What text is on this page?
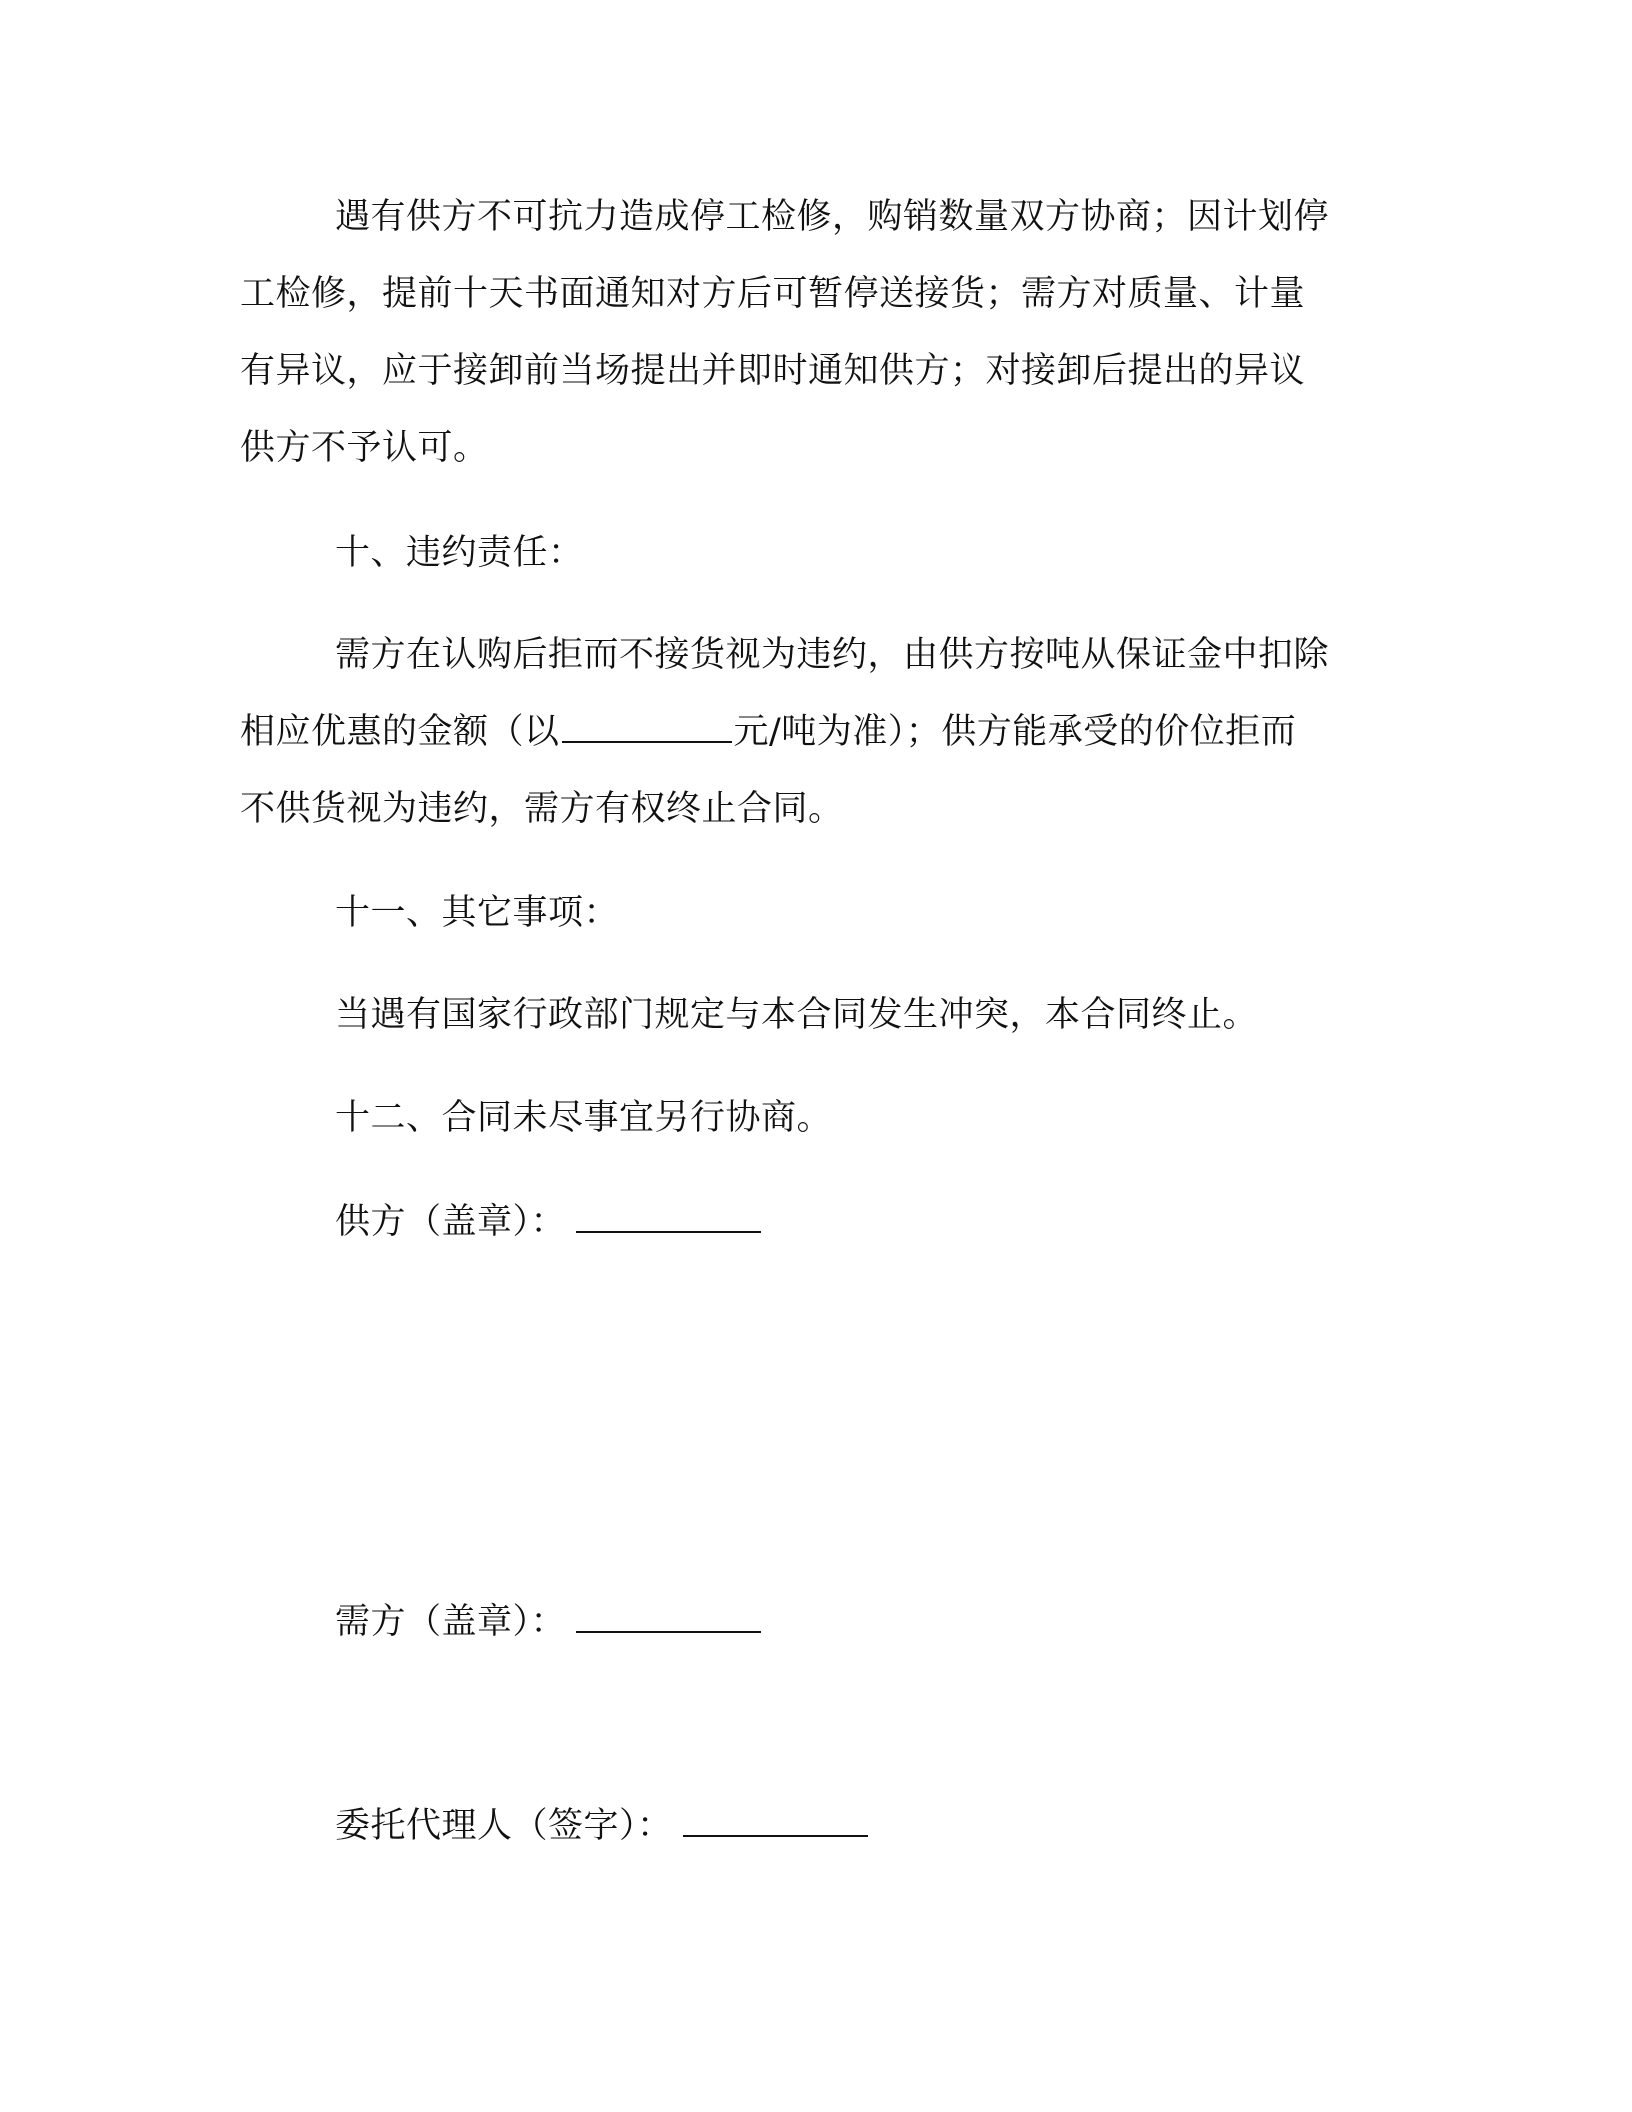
遇有供方不可抗力造成停工检修，购销数量双方协商；因计划停

工检修，提前十天书面通知对方后可暂停送接货；需方对质量、计量

有异议，应于接卸前当场提出并即时通知供方；对接卸后提出的异议

供方不予认可。

十、违约责任：

需方在认购后拒而不接货视为违约，由供方按吨从保证金中扣除

相应优惠的金额（以	元/吨为准）；供方能承受的价位拒而

不供货视为违约，需方有权终止合同。

十一、其它事项：

当遇有国家行政部门规定与本合同发生冲突，本合同终止。

十二、合同未尽事宜另行协商。

供方（盖章）：

需方（盖章）：

委托代理人（签字）：
